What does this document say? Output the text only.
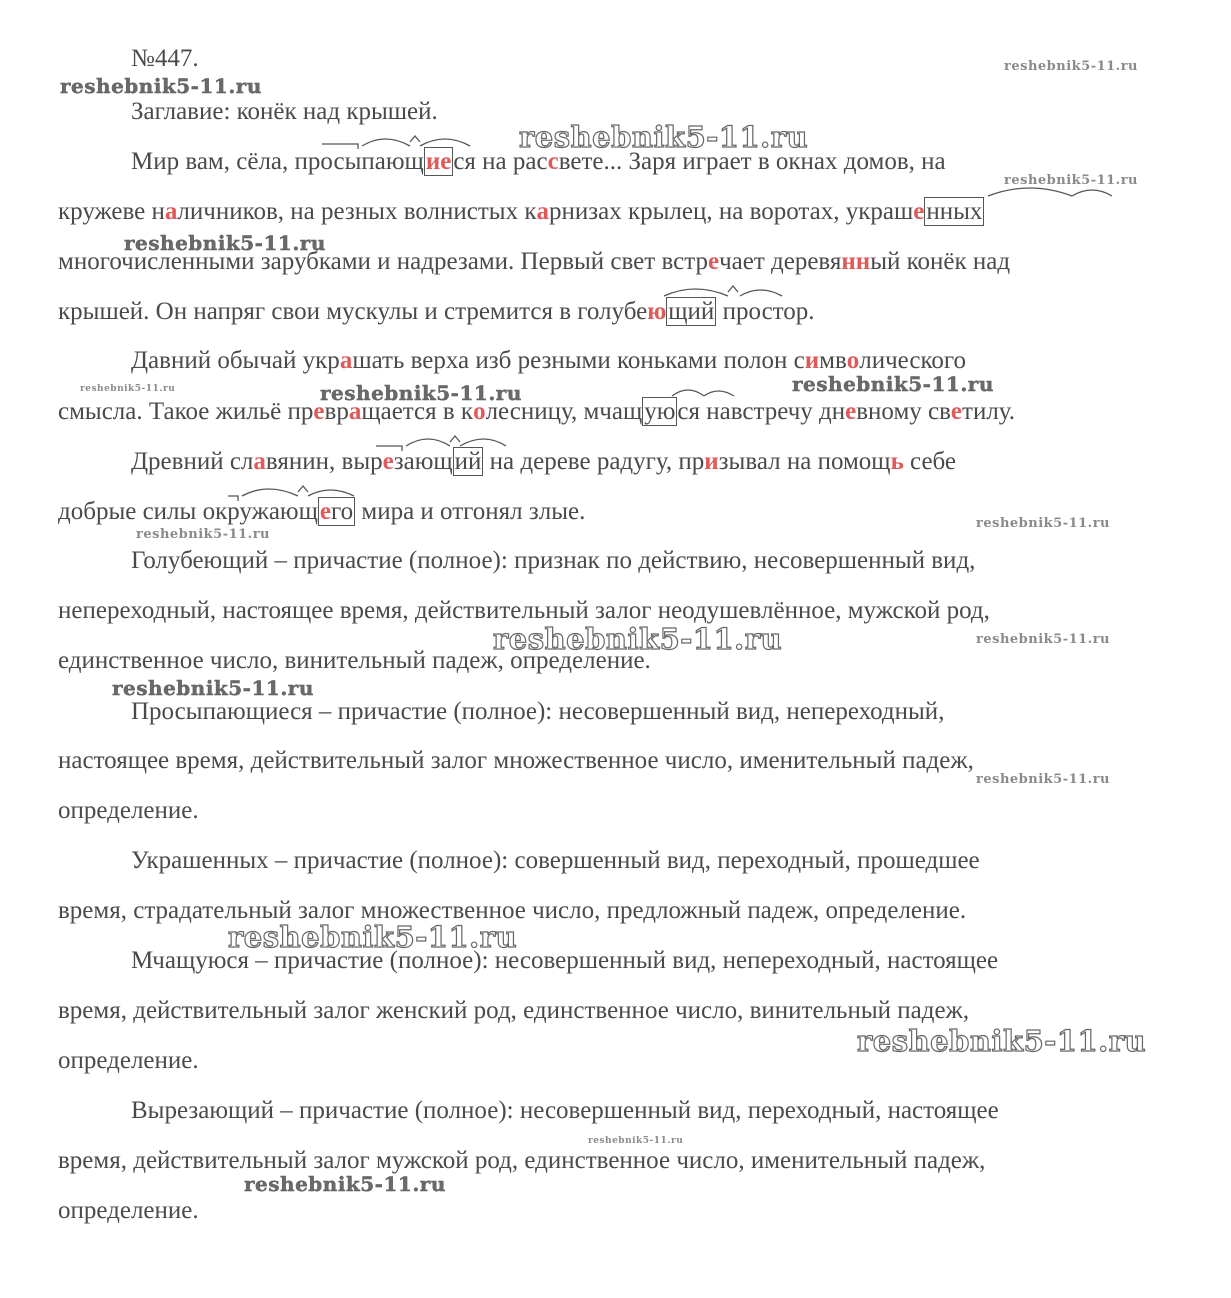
№447.
Заглавие: конёк над крышей.
Мир вам, сёла, просыпающиеся на рассвете... Заря играет в окнах домов, на
кружеве наличников, на резных волнистых карнизах крылец, на воротах, украшенных
многочисленными зарубками и надрезами. Первый свет встречает деревянный конёк над
крышей. Он напряг свои мускулы и стремится в голубеющий простор.
Давний обычай украшать верха изб резными коньками полон символического
смысла. Такое жильё превращается в колесницу, мчащуюся навстречу дневному светилу.
Древний славянин, вырезающий на дереве радугу, призывал на помощь себе
добрые силы окружающего мира и отгонял злые.
Голубеющий – причастие (полное): признак по действию, несовершенный вид,
непереходный, настоящее время, действительный залог неодушевлённое, мужской род,
единственное число, винительный падеж, определение.
Просыпающиеся – причастие (полное): несовершенный вид, непереходный,
настоящее время, действительный залог множественное число, именительный падеж,
определение.
Украшенных – причастие (полное): совершенный вид, переходный, прошедшее
время, страдательный залог множественное число, предложный падеж, определение.
Мчащуюся – причастие (полное): несовершенный вид, непереходный, настоящее
время, действительный залог женский род, единственное число, винительный падеж,
определение.
Вырезающий – причастие (полное): несовершенный вид, переходный, настоящее
время, действительный залог мужской род, единственное число, именительный падеж,
определение.
reshebnik5-11.ru
reshebnik5-11.ru
reshebnik5-11.ru
reshebnik5-11.ru
reshebnik5-11.ru
reshebnik5-11.ru	reshebnik5-11.ru	reshebnik5-11.ru
reshebnik5-11.ru
reshebnik5-11.ru
reshebnik5-11.ru	reshebnik5-11.ru
reshebnik5-11.ru
reshebnik5-11.ru
reshebnik5-11.ru
reshebnik5-11.ru
reshebnik5-11.ru
reshebnik5-11.ru
